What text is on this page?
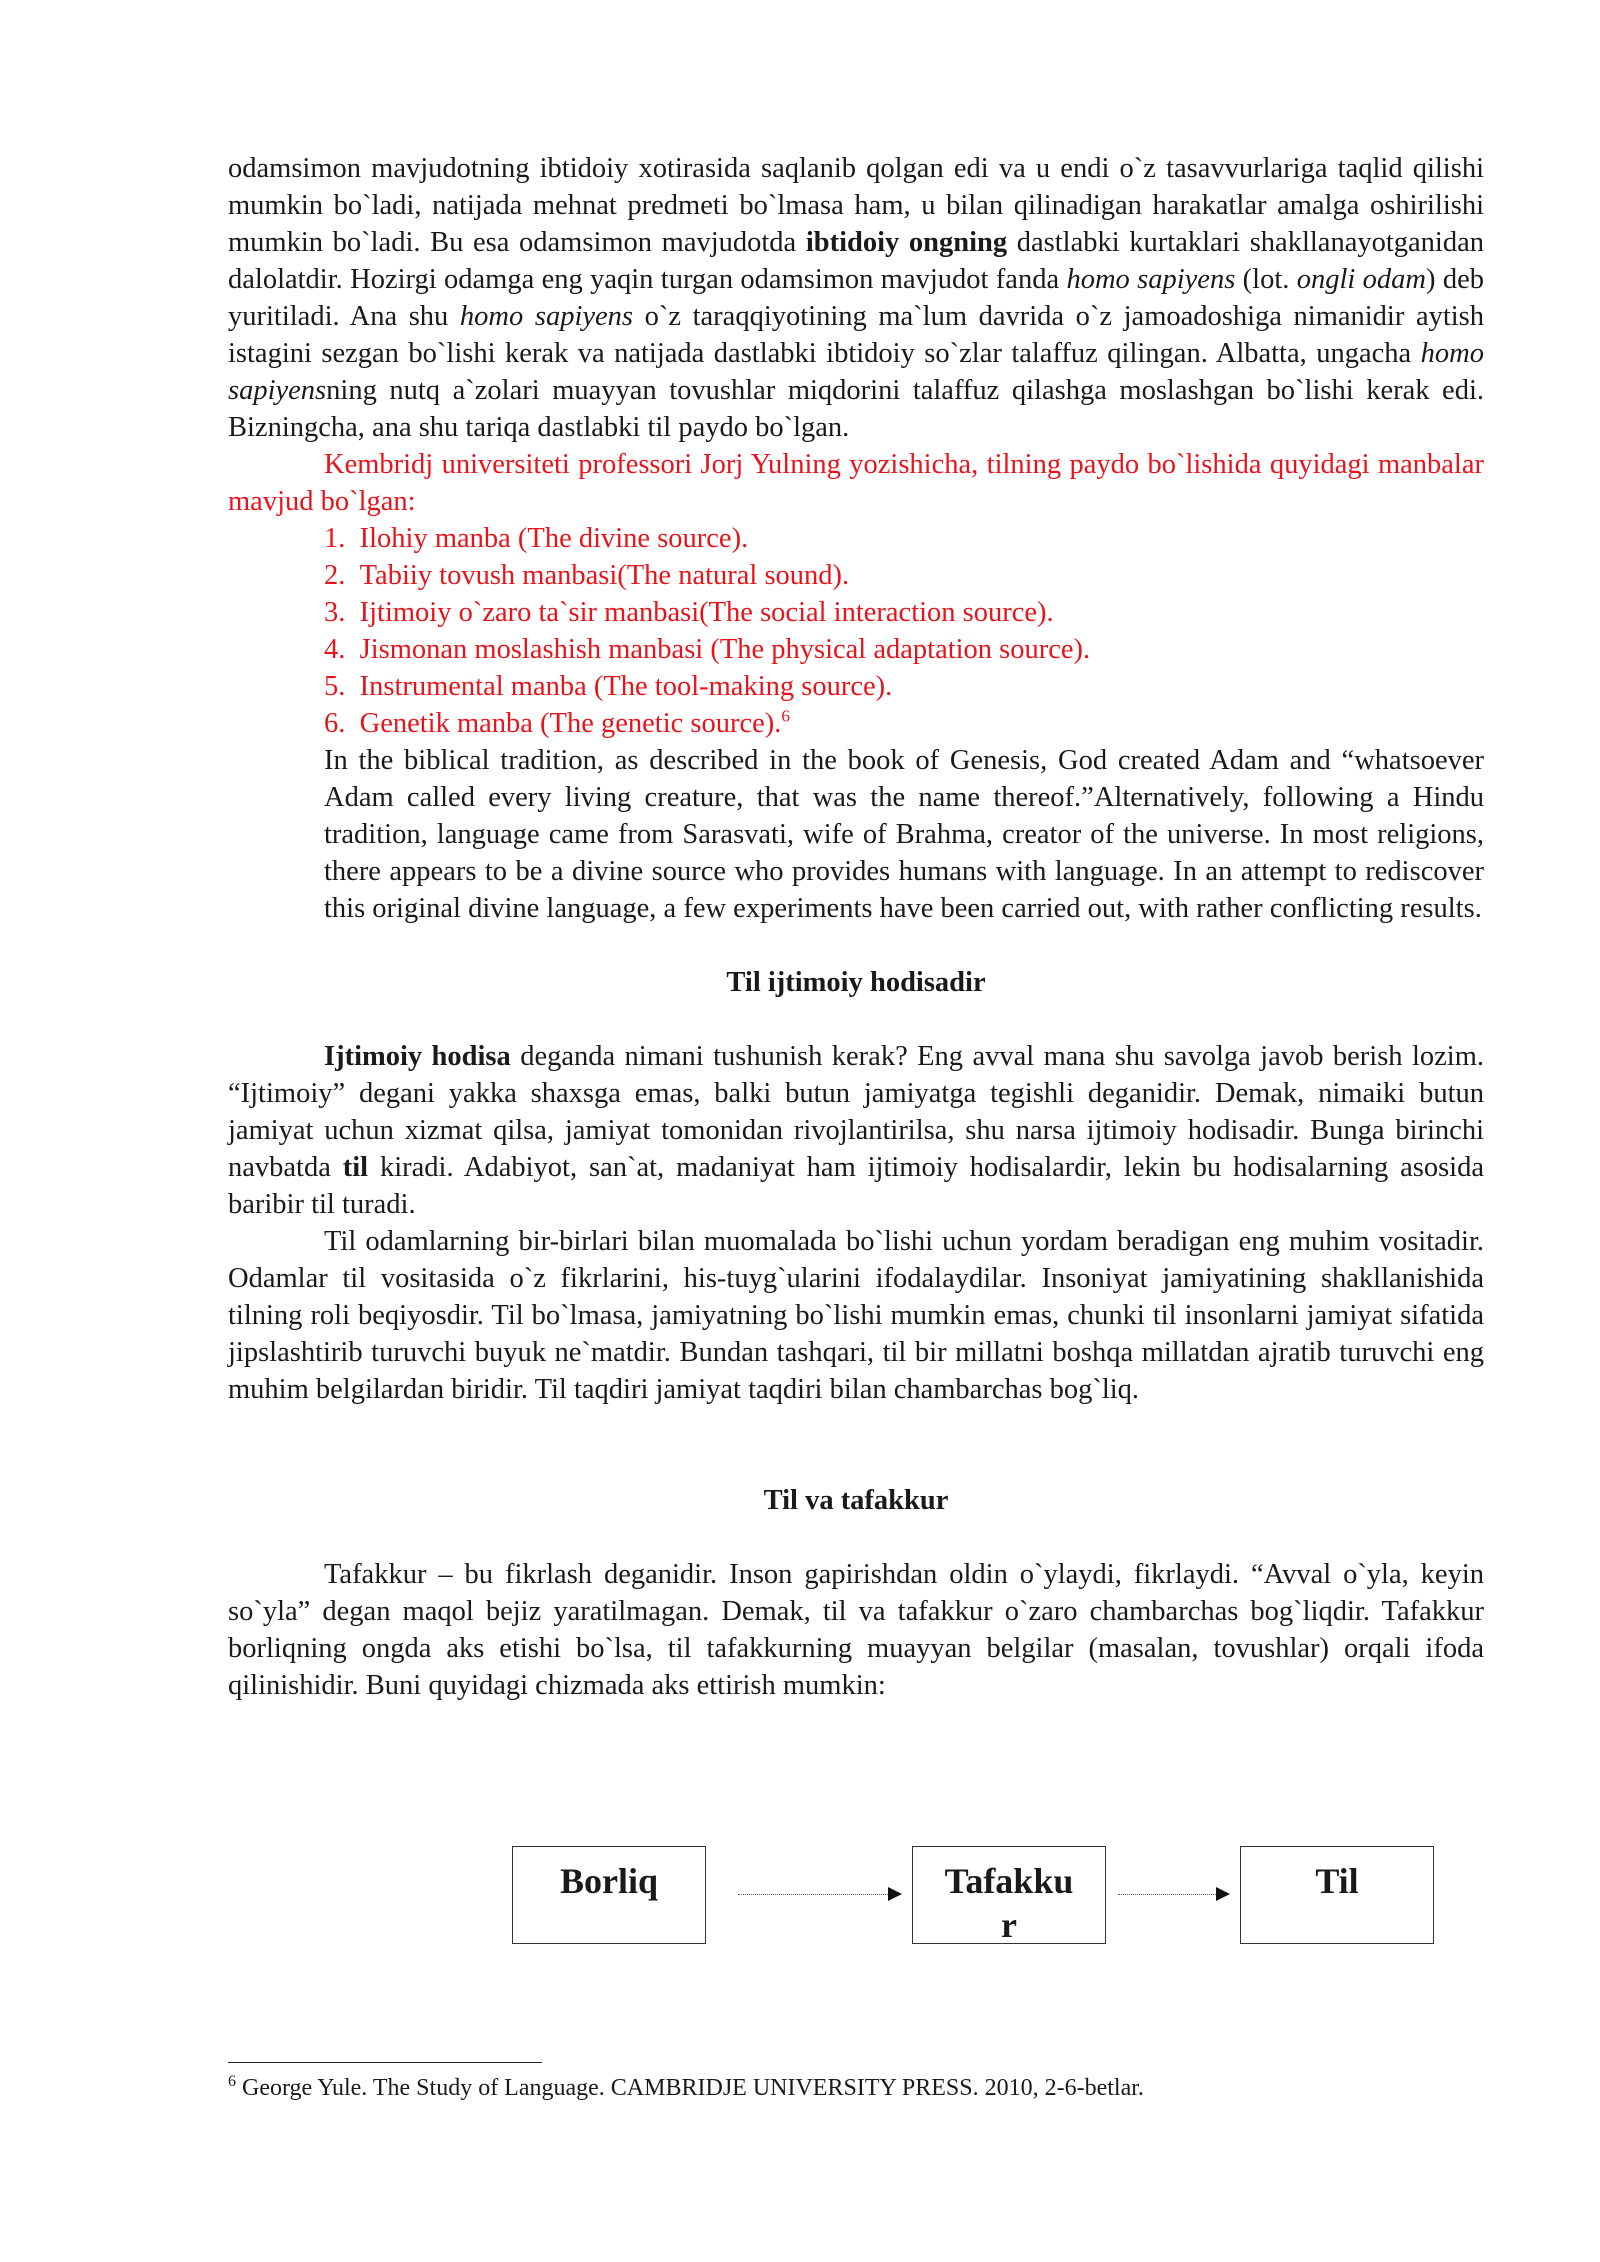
odamsimon mavjudotning ibtidoiy xotirasida saqlanib qolgan edi va u endi o`z tasavvurlariga taqlid qilishi mumkin bo`ladi, natijada mehnat predmeti bo`lmasa ham, u bilan qilinadigan harakatlar amalga oshirilishi mumkin bo`ladi. Bu esa odamsimon mavjudotda ibtidoiy ongning dastlabki kurtaklari shakllanayotganidan dalolatdir. Hozirgi odamga eng yaqin turgan odamsimon mavjudot fanda homo sapiyens (lot. ongli odam) deb yuritiladi. Ana shu homo sapiyens o`z taraqqiyotining ma`lum davrida o`z jamoadoshiga nimanidir aytish istagini sezgan bo`lishi kerak va natijada dastlabki ibtidoiy so`zlar talaffuz qilingan. Albatta, ungacha homo sapiyensning nutq a`zolari muayyan tovushlar miqdorini talaffuz qilashga moslashgan bo`lishi kerak edi. Bizningcha, ana shu tariqa dastlabki til paydo bo`lgan.

Kembridj universiteti professori Jorj Yulning yozishicha, tilning paydo bo`lishida quyidagi manbalar mavjud bo`lgan:

1.  Ilohiy manba (The divine source).
2.  Tabiiy tovush manbasi(The natural sound).
3.  Ijtimoiy o`zaro ta`sir manbasi(The social interaction source).
4.  Jismonan moslashish manbasi (The physical adaptation source).
5.  Instrumental manba (The tool-making source).
6.  Genetik manba (The genetic source).$^6$

In the biblical tradition, as described in the book of Genesis, God created Adam and “whatsoever Adam called every living creature, that was the name thereof.”Alternatively, following a Hindu tradition, language came from Sarasvati, wife of Brahma, creator of the universe. In most religions, there appears to be a divine source who provides humans with language. In an attempt to rediscover this original divine language, a few experiments have been carried out, with rather conflicting results.

Til ijtimoiy hodisadir

Ijtimoiy hodisa deganda nimani tushunish kerak? Eng avval mana shu savolga javob berish lozim. “Ijtimoiy” degani yakka shaxsga emas, balki butun jamiyatga tegishli deganidir. Demak, nimaiki butun jamiyat uchun xizmat qilsa, jamiyat tomonidan rivojlantirilsa, shu narsa ijtimoiy hodisadir. Bunga birinchi navbatda til kiradi. Adabiyot, san`at, madaniyat ham ijtimoiy hodisalardir, lekin bu hodisalarning asosida baribir til turadi.

Til odamlarning bir-birlari bilan muomalada bo`lishi uchun yordam beradigan eng muhim vositadir. Odamlar til vositasida o`z fikrlarini, his-tuyg`ularini ifodalaydilar. Insoniyat jamiyatining shakllanishida tilning roli beqiyosdir. Til bo`lmasa, jamiyatning bo`lishi mumkin emas, chunki til insonlarni jamiyat sifatida jipslashtirib turuvchi buyuk ne`matdir. Bundan tashqari, til bir millatni boshqa millatdan ajratib turuvchi eng muhim belgilardan biridir. Til taqdiri jamiyat taqdiri bilan chambarchas bog`liq.

Til va tafakkur

Tafakkur – bu fikrlash deganidir. Inson gapirishdan oldin o`ylaydi, fikrlaydi. “Avval o`yla, keyin so`yla” degan maqol bejiz yaratilmagan. Demak, til va tafakkur o`zaro chambarchas bog`liqdir. Tafakkur borliqning ongda aks etishi bo`lsa, til tafakkurning muayyan belgilar (masalan, tovushlar) orqali ifoda qilinishidir. Buni quyidagi chizmada aks ettirish mumkin:

Borliq	Tafakku
r
Til
$^6$ George Yule. The Study of Language. CAMBRIDJE UNIVERSITY PRESS. 2010, 2-6-betlar.
